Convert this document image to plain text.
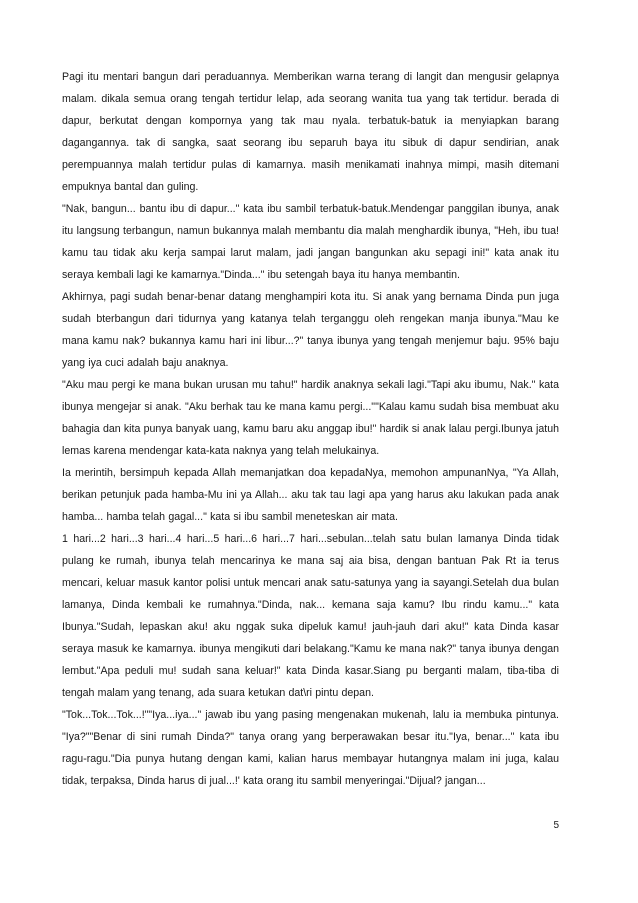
Pagi itu mentari bangun dari peraduannya. Memberikan warna terang di langit dan mengusir gelapnya malam. dikala semua orang tengah tertidur lelap, ada seorang wanita tua yang tak tertidur. berada di dapur, berkutat dengan kompornya yang tak mau nyala. terbatuk-batuk ia menyiapkan barang dagangannya. tak di sangka, saat seorang ibu separuh baya itu sibuk di dapur sendirian, anak perempuannya malah tertidur pulas di kamarnya. masih menikamati inahnya mimpi, masih ditemani empuknya bantal dan guling.

"Nak, bangun... bantu ibu di dapur..." kata ibu sambil terbatuk-batuk.Mendengar panggilan ibunya, anak itu langsung terbangun, namun bukannya malah membantu dia malah menghardik ibunya, "Heh, ibu tua! kamu tau tidak aku kerja sampai larut malam, jadi jangan bangunkan aku sepagi ini!" kata anak itu seraya kembali lagi ke kamarnya."Dinda..." ibu setengah baya itu hanya membantin.

Akhirnya, pagi sudah benar-benar datang menghampiri kota itu. Si anak yang bernama Dinda pun juga sudah bterbangun dari tidurnya yang katanya telah terganggu oleh rengekan manja ibunya."Mau ke mana kamu nak? bukannya kamu hari ini libur...?" tanya ibunya yang tengah menjemur baju. 95% baju yang iya cuci adalah baju anaknya.

"Aku mau pergi ke mana bukan urusan mu tahu!" hardik anaknya sekali lagi."Tapi aku ibumu, Nak." kata ibunya mengejar si anak. "Aku berhak tau ke mana kamu pergi...""Kalau kamu sudah bisa membuat aku bahagia dan kita punya banyak uang, kamu baru aku anggap ibu!" hardik si anak lalau pergi.Ibunya jatuh lemas karena mendengar kata-kata naknya yang telah melukainya.

Ia merintih, bersimpuh kepada Allah memanjatkan doa kepadaNya, memohon ampunanNya, "Ya Allah, berikan petunjuk pada hamba-Mu ini ya Allah... aku tak tau lagi apa yang harus aku lakukan pada anak hamba... hamba telah gagal..." kata si ibu sambil meneteskan air mata.

1 hari...2 hari...3 hari...4 hari...5 hari...6 hari...7 hari...sebulan...telah satu bulan lamanya Dinda tidak pulang ke rumah, ibunya telah mencarinya ke mana saj aia bisa, dengan bantuan Pak Rt ia terus mencari, keluar masuk kantor polisi untuk mencari anak satu-satunya yang ia sayangi.Setelah dua bulan lamanya, Dinda kembali ke rumahnya."Dinda, nak... kemana saja kamu? Ibu rindu kamu..." kata Ibunya."Sudah, lepaskan aku! aku nggak suka dipeluk kamu! jauh-jauh dari aku!" kata Dinda kasar seraya masuk ke kamarnya. ibunya mengikuti dari belakang."Kamu ke mana nak?" tanya ibunya dengan lembut."Apa peduli mu! sudah sana keluar!" kata Dinda kasar.Siang pu berganti malam, tiba-tiba di tengah malam yang tenang, ada suara ketukan dat\ri pintu depan.

"Tok...Tok...Tok...!""Iya...iya..." jawab ibu yang pasing mengenakan mukenah, lalu ia membuka pintunya. "Iya?""Benar di sini rumah Dinda?" tanya orang yang berperawakan besar itu."Iya, benar..." kata ibu ragu-ragu."Dia punya hutang dengan kami, kalian harus membayar hutangnya malam ini juga, kalau tidak, terpaksa, Dinda harus di jual...!' kata orang itu sambil menyeringai."Dijual? jangan...

5
